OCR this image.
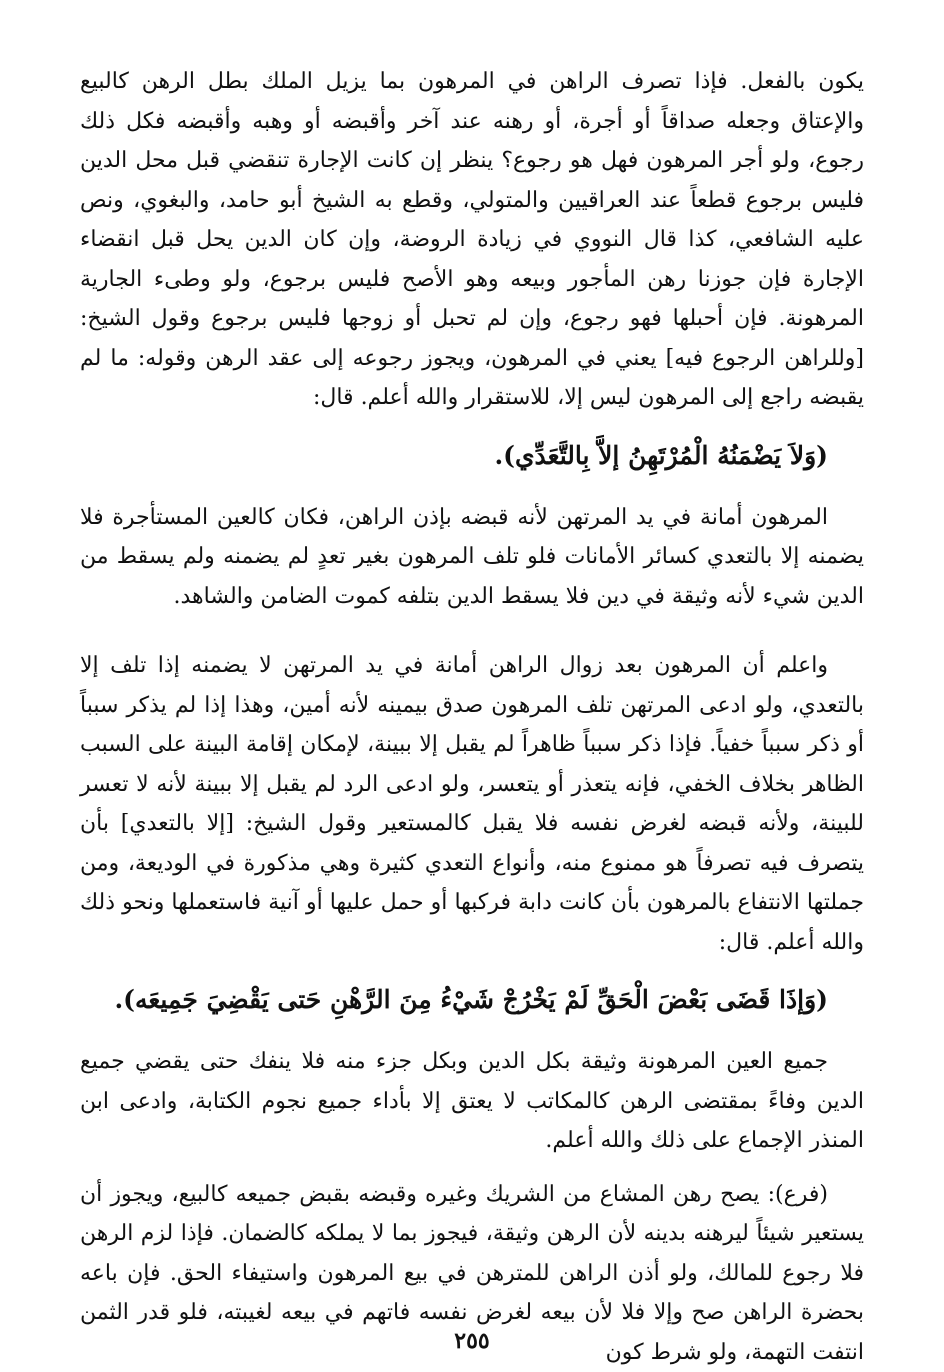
يكون بالفعل. فإذا تصرف الراهن في المرهون بما يزيل الملك بطل الرهن كالبيع والإعتاق وجعله صداقاً أو أجرة، أو رهنه عند آخر وأقبضه أو وهبه وأقبضه فكل ذلك رجوع، ولو أجر المرهون فهل هو رجوع؟ ينظر إن كانت الإجارة تنقضي قبل محل الدين فليس برجوع قطعاً عند العراقيين والمتولي، وقطع به الشيخ أبو حامد، والبغوي، ونص عليه الشافعي، كذا قال النووي في زيادة الروضة، وإن كان الدين يحل قبل انقضاء الإجارة فإن جوزنا رهن المأجور وبيعه وهو الأصح فليس برجوع، ولو وطىء الجارية المرهونة. فإن أحبلها فهو رجوع، وإن لم تحبل أو زوجها فليس برجوع وقول الشيخ: [وللراهن الرجوع فيه] يعني في المرهون، ويجوز رجوعه إلى عقد الرهن وقوله: ما لم يقبضه راجع إلى المرهون ليس إلا، للاستقرار والله أعلم. قال:

(وَلاَ يَضْمَنُهُ الْمُرْتَهِنُ إلاَّ بِالتَّعَدِّي).

المرهون أمانة في يد المرتهن لأنه قبضه بإذن الراهن، فكان كالعين المستأجرة فلا يضمنه إلا بالتعدي كسائر الأمانات فلو تلف المرهون بغير تعدٍ لم يضمنه ولم يسقط من الدين شيء لأنه وثيقة في دين فلا يسقط الدين بتلفه كموت الضامن والشاهد.

واعلم أن المرهون بعد زوال الراهن أمانة في يد المرتهن لا يضمنه إذا تلف إلا بالتعدي، ولو ادعى المرتهن تلف المرهون صدق بيمينه لأنه أمين، وهذا إذا لم يذكر سبباً أو ذكر سبباً خفياً. فإذا ذكر سبباً ظاهراً لم يقبل إلا ببينة، لإمكان إقامة البينة على السبب الظاهر بخلاف الخفي، فإنه يتعذر أو يتعسر، ولو ادعى الرد لم يقبل إلا ببينة لأنه لا تعسر للبينة، ولأنه قبضه لغرض نفسه فلا يقبل كالمستعير وقول الشيخ: [إلا بالتعدي] بأن يتصرف فيه تصرفاً هو ممنوع منه، وأنواع التعدي كثيرة وهي مذكورة في الوديعة، ومن جملتها الانتفاع بالمرهون بأن كانت دابة فركبها أو حمل عليها أو آنية فاستعملها ونحو ذلك والله أعلم. قال:

(وَإذَا قَضَى بَعْضَ الْحَقِّ لَمْ يَخْرُجْ شَيْءُ مِنَ الرَّهْنِ حَتى يَقْضِيَ جَمِيعَه).

جميع العين المرهونة وثيقة بكل الدين وبكل جزء منه فلا ينفك حتى يقضي جميع الدين وفاءً بمقتضى الرهن كالمكاتب لا يعتق إلا بأداء جميع نجوم الكتابة، وادعى ابن المنذر الإجماع على ذلك والله أعلم.

(فرع): يصح رهن المشاع من الشريك وغيره وقبضه بقبض جميعه كالبيع، ويجوز أن يستعير شيئاً ليرهنه بدينه لأن الرهن وثيقة، فيجوز بما لا يملكه كالضمان. فإذا لزم الرهن فلا رجوع للمالك، ولو أذن الراهن للمترهن في بيع المرهون واستيفاء الحق. فإن باعه بحضرة الراهن صح وإلا فلا لأن بيعه لغرض نفسه فاتهم في بيعه لغيبته، فلو قدر الثمن انتفت التهمة، ولو شرط كون

٢٥٥
